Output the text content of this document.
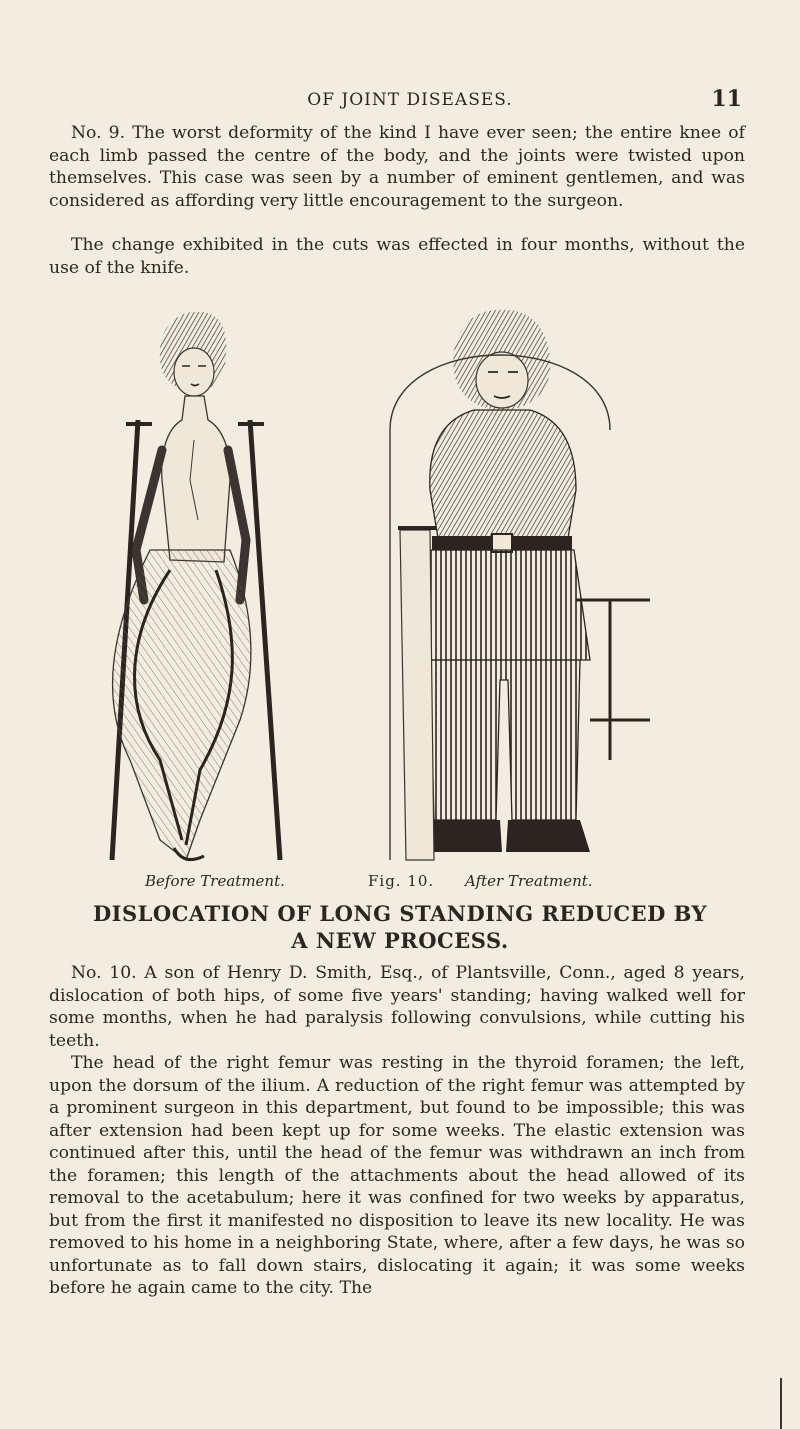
OF JOINT DISEASES.	11

No. 9. The worst deformity of the kind I have ever seen; the entire knee of each limb passed the centre of the body, and the joints were twisted upon themselves. This case was seen by a number of eminent gentlemen, and was considered as affording very little encouragement to the surgeon.

The change exhibited in the cuts was effected in four months, without the use of the knife.

Before Treatment.	Fig. 10. After Treatment.
DISLOCATION OF LONG STANDING REDUCED BY
A NEW PROCESS.

No. 10. A son of Henry D. Smith, Esq., of Plantsville, Conn., aged 8 years, dislocation of both hips, of some five years' standing; having walked well for some months, when he had paralysis following convulsions, while cutting his teeth.

The head of the right femur was resting in the thyroid foramen; the left, upon the dorsum of the ilium. A reduction of the right femur was attempted by a prominent surgeon in this department, but found to be impossible; this was after extension had been kept up for some weeks. The elastic extension was continued after this, until the head of the femur was withdrawn an inch from the foramen; this length of the attachments about the head allowed of its removal to the acetabulum; here it was confined for two weeks by apparatus, but from the first it manifested no disposition to leave its new locality. He was removed to his home in a neighboring State, where, after a few days, he was so unfortunate as to fall down stairs, dislocating it again; it was some weeks before he again came to the city. The
